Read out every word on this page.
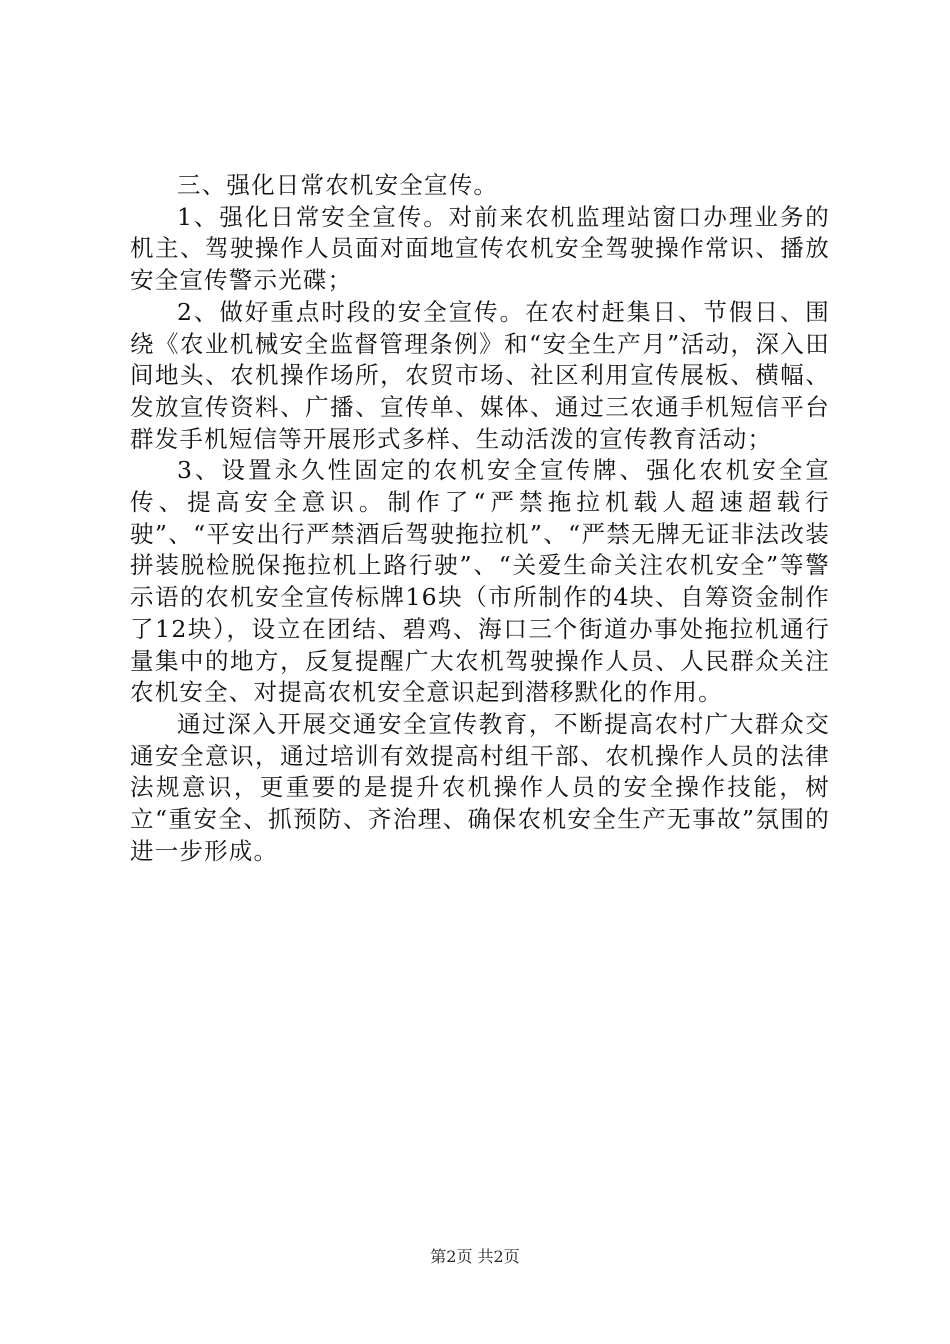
三、强化日常农机安全宣传。

1、强化日常安全宣传。对前来农机监理站窗口办理业务的机主、驾驶操作人员面对面地宣传农机安全驾驶操作常识、播放安全宣传警示光碟；

2、做好重点时段的安全宣传。在农村赶集日、节假日、围绕《农业机械安全监督管理条例》和“安全生产月”活动，深入田间地头、农机操作场所，农贸市场、社区利用宣传展板、横幅、发放宣传资料、广播、宣传单、媒体、通过三农通手机短信平台群发手机短信等开展形式多样、生动活泼的宣传教育活动；

3、设置永久性固定的农机安全宣传牌、强化农机安全宣传、提高安全意识。制作了“严禁拖拉机载人超速超载行驶”、“平安出行严禁酒后驾驶拖拉机”、“严禁无牌无证非法改装拼装脱检脱保拖拉机上路行驶”、“关爱生命关注农机安全”等警示语的农机安全宣传标牌16块（市所制作的4块、自筹资金制作了12块），设立在团结、碧鸡、海口三个街道办事处拖拉机通行量集中的地方，反复提醒广大农机驾驶操作人员、人民群众关注农机安全、对提高农机安全意识起到潜移默化的作用。

通过深入开展交通安全宣传教育，不断提高农村广大群众交通安全意识，通过培训有效提高村组干部、农机操作人员的法律法规意识，更重要的是提升农机操作人员的安全操作技能，树立“重安全、抓预防、齐治理、确保农机安全生产无事故”氛围的进一步形成。

第2页 共2页
